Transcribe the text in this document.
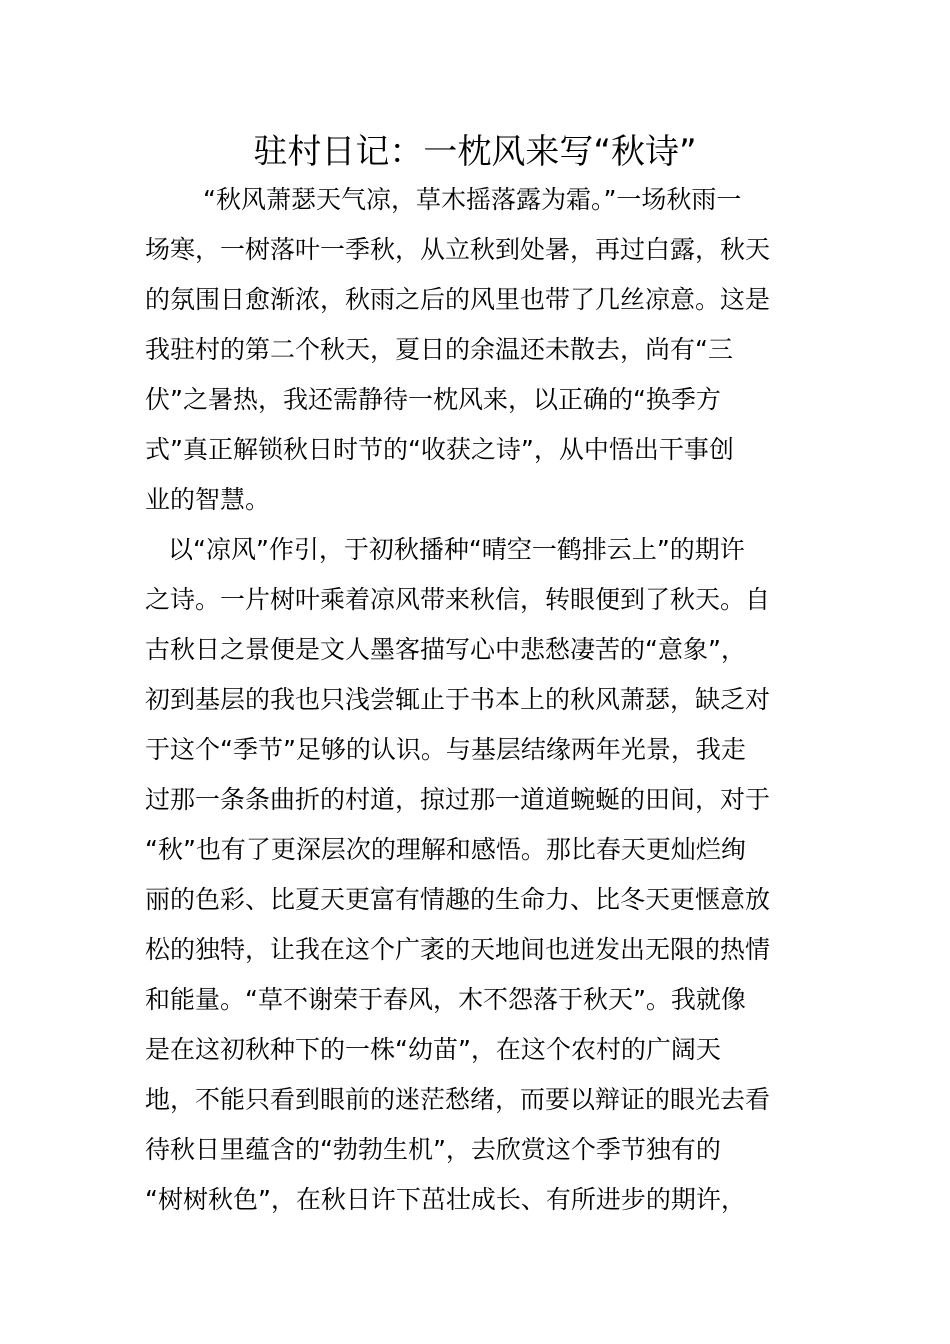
驻村日记：一枕风来写“秋诗”

“秋风萧瑟天气凉，草木摇落露为霜。”一场秋雨一

场寒，一树落叶一季秋，从立秋到处暑，再过白露，秋天

的氛围日愈渐浓，秋雨之后的风里也带了几丝凉意。这是

我驻村的第二个秋天，夏日的余温还未散去，尚有“三

伏”之暑热，我还需静待一枕风来，以正确的“换季方

式”真正解锁秋日时节的“收获之诗”，从中悟出干事创

业的智慧。

以“凉风”作引，于初秋播种“晴空一鹤排云上”的期许

之诗。一片树叶乘着凉风带来秋信，转眼便到了秋天。自

古秋日之景便是文人墨客描写心中悲愁凄苦的“意象”，

初到基层的我也只浅尝辄止于书本上的秋风萧瑟，缺乏对

于这个“季节”足够的认识。与基层结缘两年光景，我走

过那一条条曲折的村道，掠过那一道道蜿蜒的田间，对于

“秋”也有了更深层次的理解和感悟。那比春天更灿烂绚

丽的色彩、比夏天更富有情趣的生命力、比冬天更惬意放

松的独特，让我在这个广袤的天地间也迸发出无限的热情

和能量。“草不谢荣于春风，木不怨落于秋天”。我就像

是在这初秋种下的一株“幼苗”，在这个农村的广阔天

地，不能只看到眼前的迷茫愁绪，而要以辩证的眼光去看

待秋日里蕴含的“勃勃生机”，去欣赏这个季节独有的

“树树秋色”，在秋日许下茁壮成长、有所进步的期许，
